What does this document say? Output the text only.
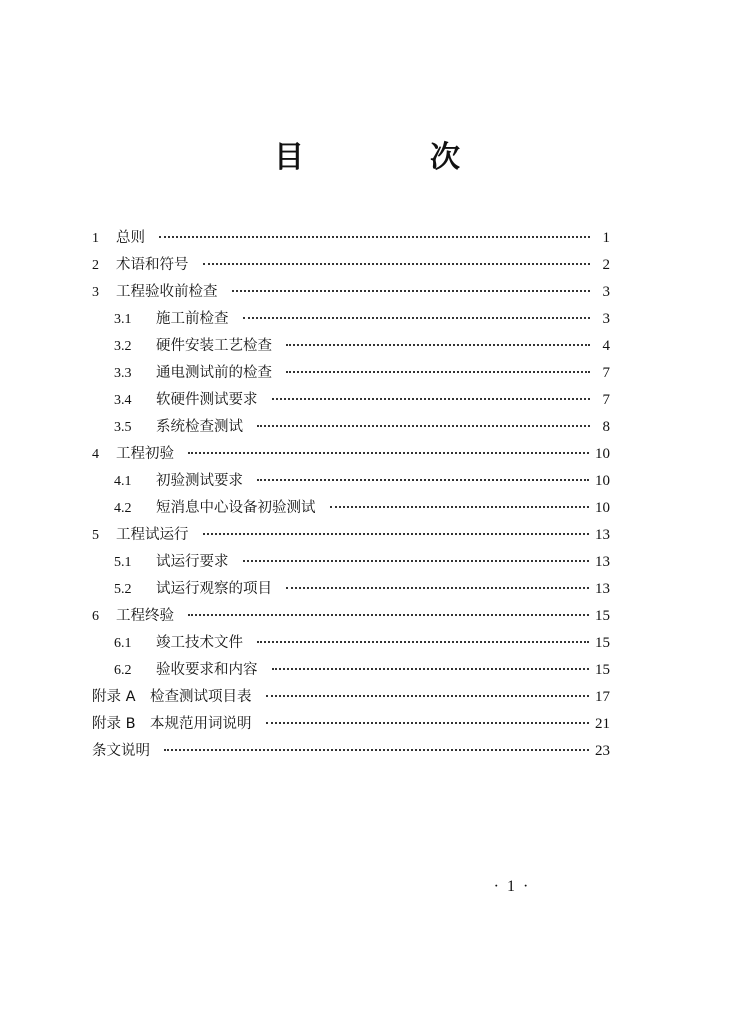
目　次
1	总则	1
2	术语和符号	2
3	工程验收前检查	3
3.1	施工前检查	3
3.2	硬件安装工艺检查	4
3.3	通电测试前的检查	7
3.4	软硬件测试要求	7
3.5	系统检查测试	8
4	工程初验	10
4.1	初验测试要求	10
4.2	短消息中心设备初验测试	10
5	工程试运行	13
5.1	试运行要求	13
5.2	试运行观察的项目	13
6	工程终验	15
6.1	竣工技术文件	15
6.2	验收要求和内容	15
附录 A　检查测试项目表	17
附录 B　本规范用词说明	21
条文说明	23
· 1 ·
